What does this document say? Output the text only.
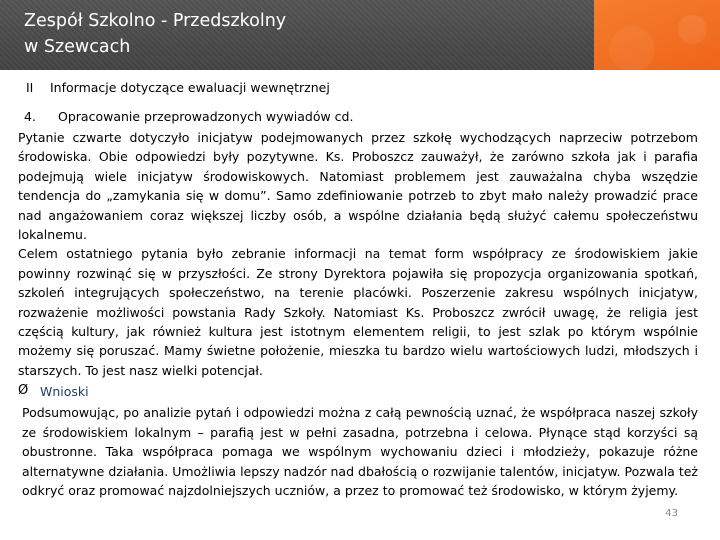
Zespół Szkolno - Przedszkolny
w Szewcach
II Informacje dotyczące ewaluacji wewnętrznej
4. Opracowanie przeprowadzonych wywiadów cd.

Pytanie czwarte dotyczyło inicjatyw podejmowanych przez szkołę wychodzących naprzeciw potrzebom środowiska. Obie odpowiedzi były pozytywne. Ks. Proboszcz zauważył, że zarówno szkoła jak i parafia podejmują wiele inicjatyw środowiskowych. Natomiast problemem jest zauważalna chyba wszędzie tendencja do „zamykania się w domu”. Samo zdefiniowanie potrzeb to zbyt mało należy prowadzić prace nad angażowaniem coraz większej liczby osób, a wspólne działania będą służyć całemu społeczeństwu lokalnemu.

Celem ostatniego pytania było zebranie informacji na temat form współpracy ze środowiskiem jakie powinny rozwinąć się w przyszłości. Ze strony Dyrektora pojawiła się propozycja organizowania spotkań, szkoleń integrujących społeczeństwo, na terenie placówki. Poszerzenie zakresu wspólnych inicjatyw, rozważenie możliwości powstania Rady Szkoły. Natomiast Ks. Proboszcz zwrócił uwagę, że religia jest częścią kultury, jak również kultura jest istotnym elementem religii, to jest szlak po którym wspólnie możemy się poruszać. Mamy świetne położenie, mieszka tu bardzo wielu wartościowych ludzi, młodszych i starszych. To jest nasz wielki potencjał.

Ø Wnioski

Podsumowując, po analizie pytań i odpowiedzi można z całą pewnością uznać, że współpraca naszej szkoły ze środowiskiem lokalnym – parafią jest w pełni zasadna, potrzebna i celowa. Płynące stąd korzyści są obustronne. Taka współpraca pomaga we wspólnym wychowaniu dzieci i młodzieży, pokazuje różne alternatywne działania. Umożliwia lepszy nadzór nad dbałością o rozwijanie talentów, inicjatyw. Pozwala też odkryć oraz promować najzdolniejszych uczniów, a przez to promować też środowisko, w którym żyjemy.

43
